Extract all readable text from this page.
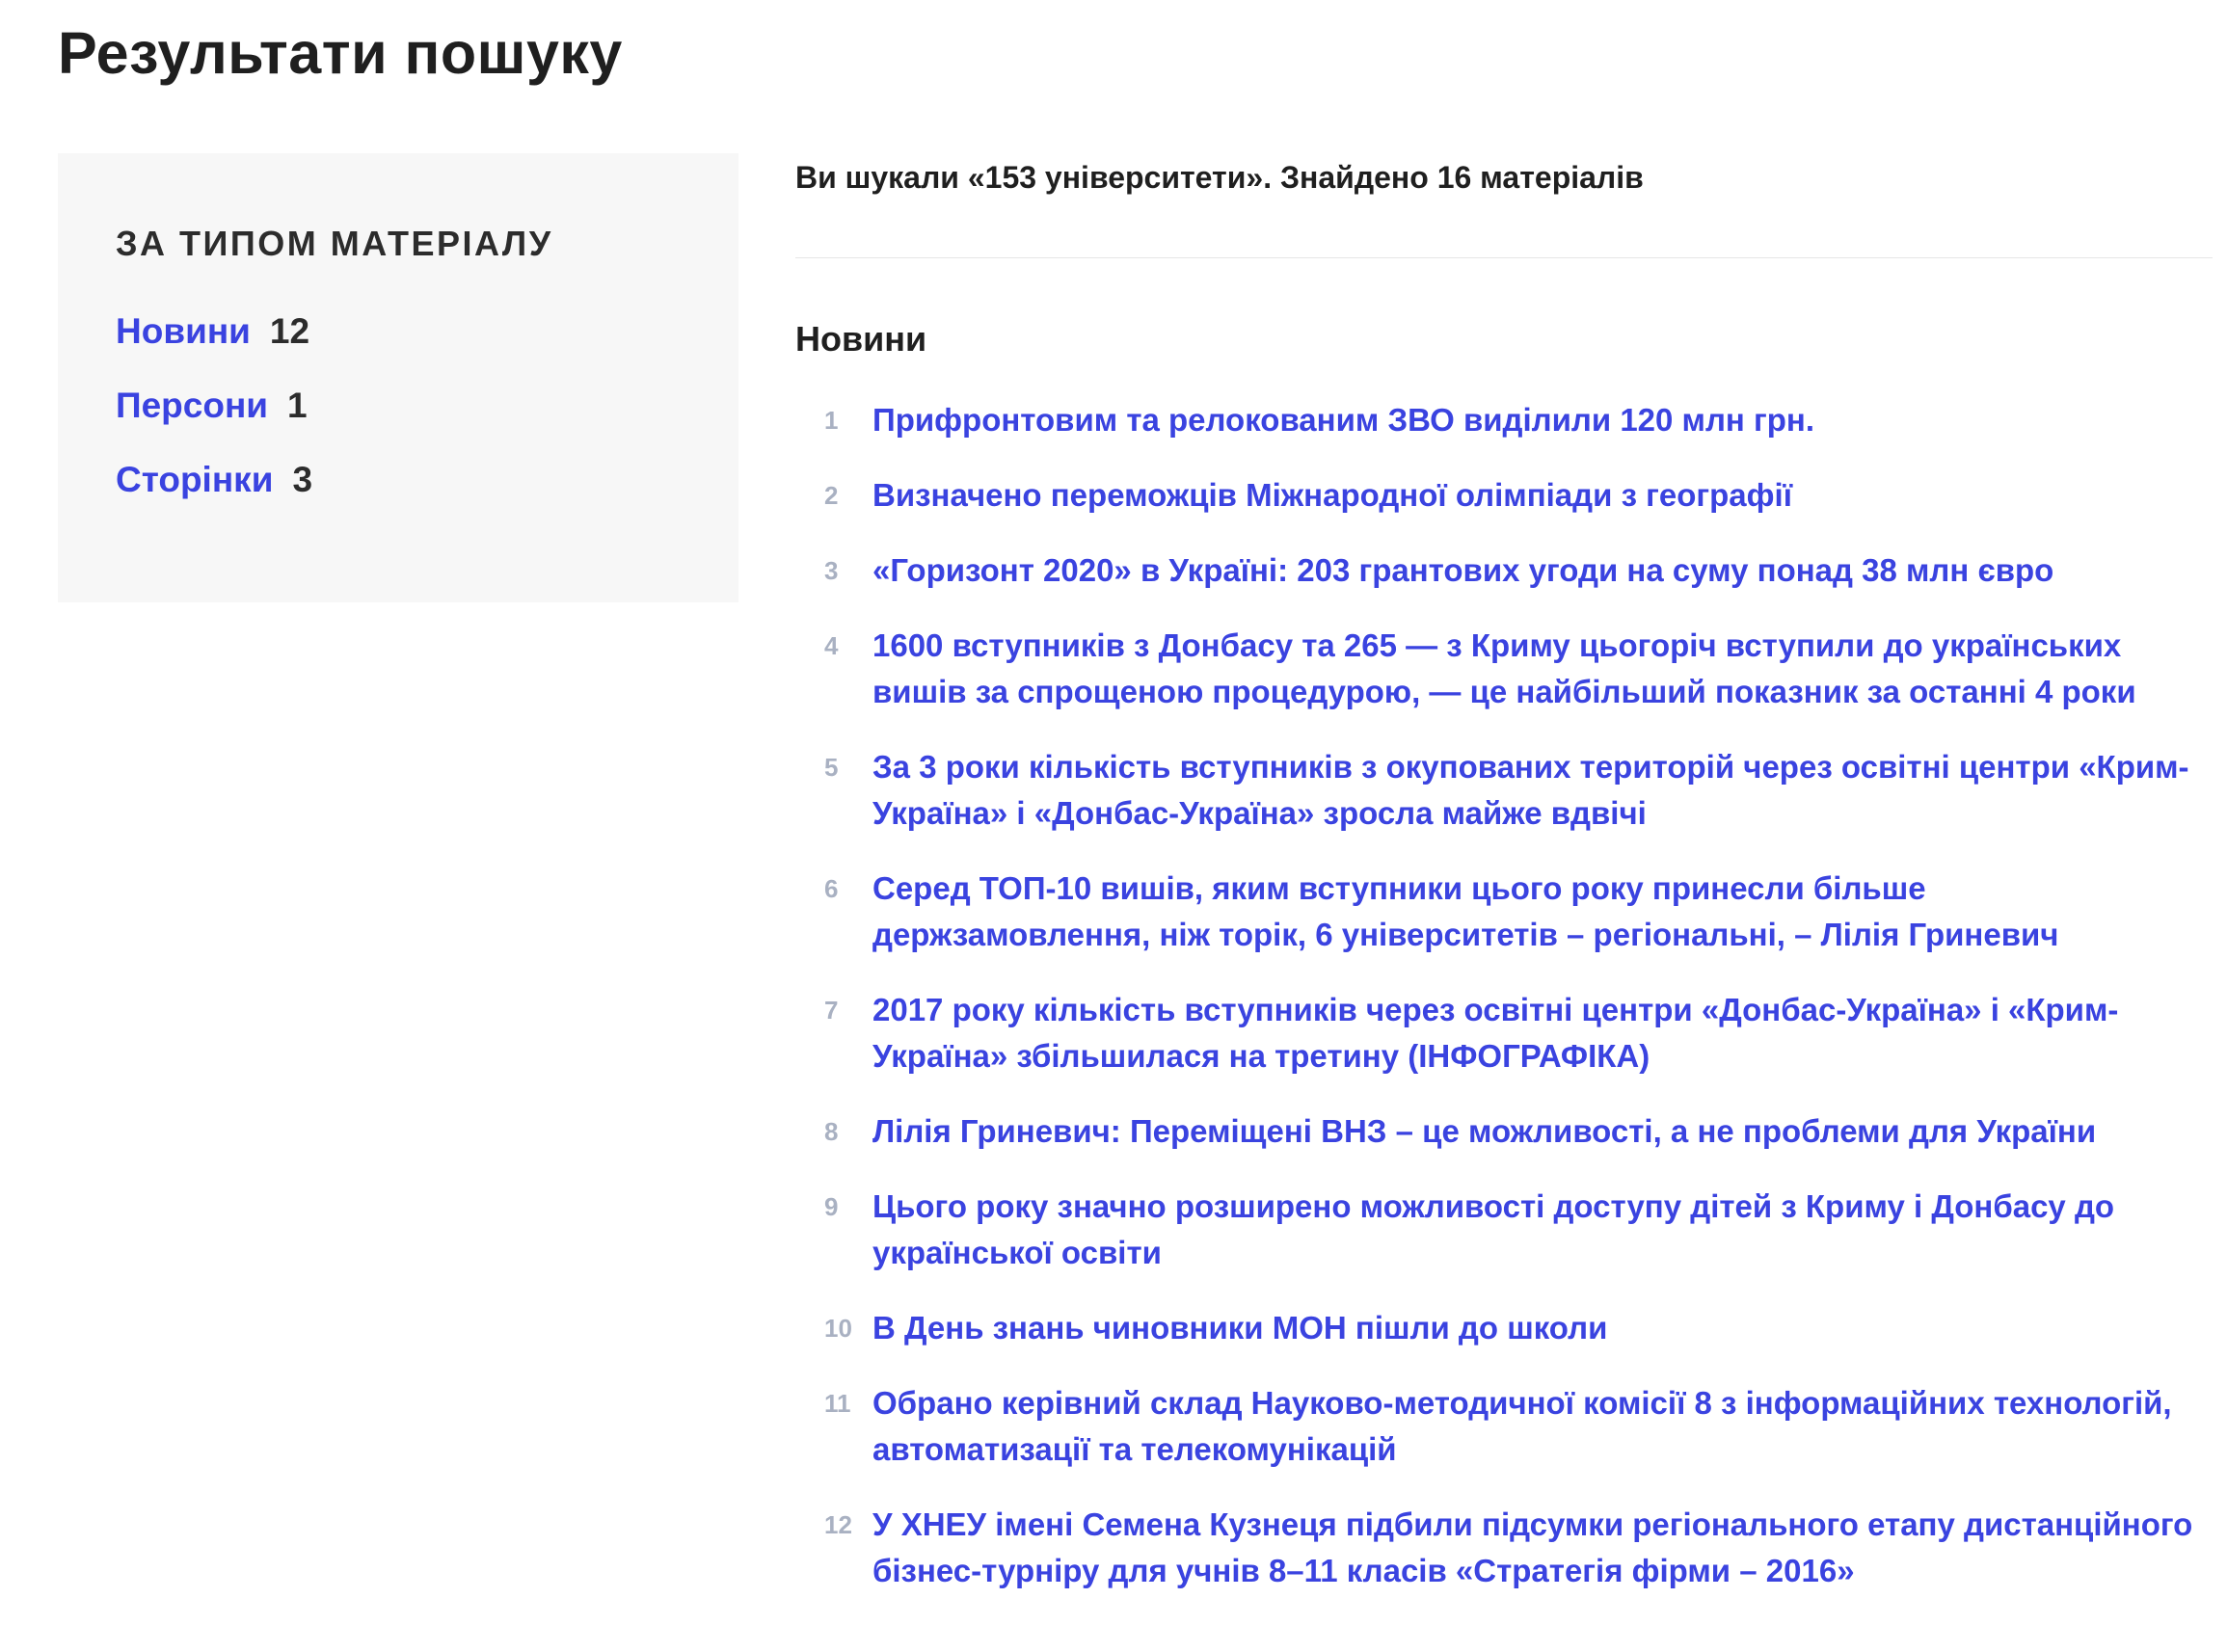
Результати пошуку
ЗА ТИПОМ МАТЕРІАЛУ
Новини 12
Персони 1
Сторінки 3

Ви шукали «153 університети». Знайдено 16 матеріалів

Новини
1	Прифронтовим та релокованим ЗВО виділили 120 млн грн.
2	Визначено переможців Міжнародної олімпіади з географії
3	«Горизонт 2020» в Україні: 203 грантових угоди на суму понад 38 млн євро
4	1600 вступників з Донбасу та 265 — з Криму цьогоріч вступили до українських вишів за спрощеною процедурою, — це найбільший показник за останні 4 роки
5	За 3 роки кількість вступників з окупованих територій через освітні центри «Крим-Україна» і «Донбас-Україна» зросла майже вдвічі
6	Серед ТОП-10 вишів, яким вступники цього року принесли більше держзамовлення, ніж торік, 6 університетів – регіональні, – Лілія Гриневич
7	2017 року кількість вступників через освітні центри «Донбас-Україна» і «Крим-Україна» збільшилася на третину (ІНФОГРАФІКА)
8	Лілія Гриневич: Переміщені ВНЗ – це можливості, а не проблеми для України
9	Цього року значно розширено можливості доступу дітей з Криму і Донбасу до української освіти
10 В День знань чиновники МОН пішли до школи
11 Обрано керівний склад Науково-методичної комісії 8 з інформаційних технологій, автоматизації та телекомунікацій
12 У ХНЕУ імені Семена Кузнеця підбили підсумки регіонального етапу дистанційного бізнес-турніру для учнів 8–11 класів «Стратегія фірми – 2016»
